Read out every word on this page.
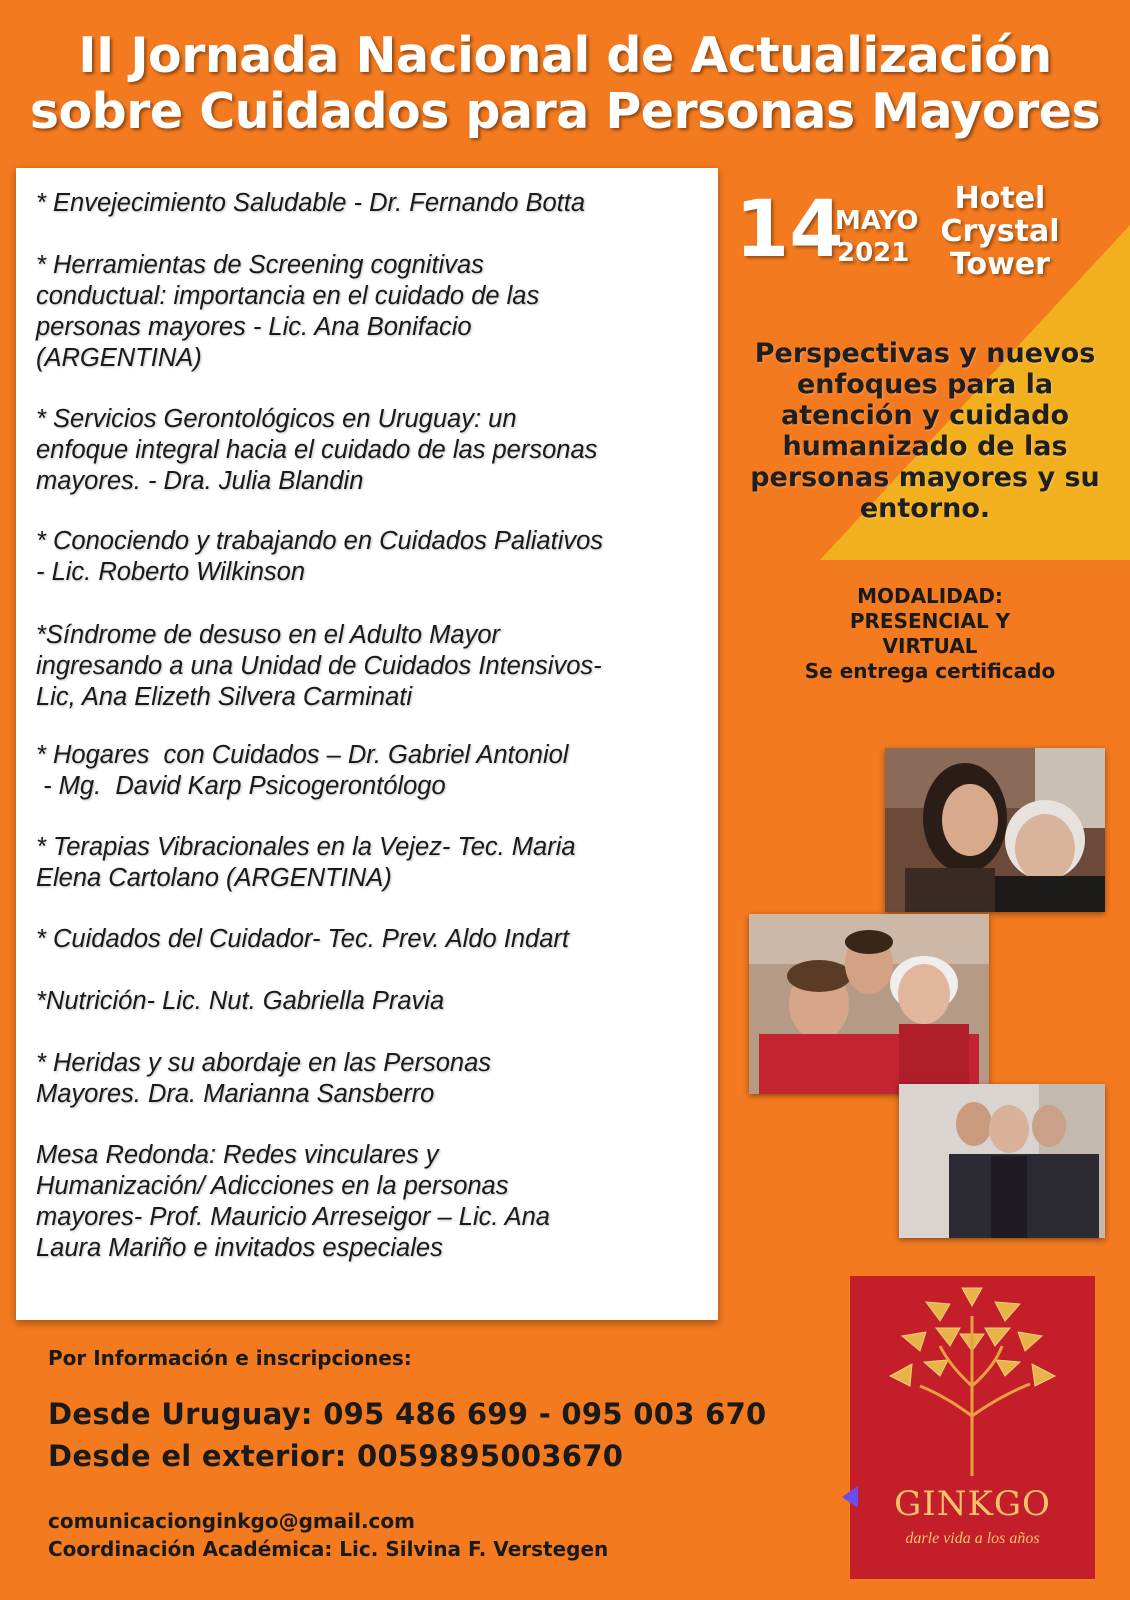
II Jornada Nacional de Actualización
sobre Cuidados para Personas Mayores
* Envejecimiento Saludable - Dr. Fernando Botta
* Herramientas de Screening cognitivas
conductual: importancia en el cuidado de las
personas mayores - Lic. Ana Bonifacio
(ARGENTINA)
* Servicios Gerontológicos en Uruguay: un
enfoque integral hacia el cuidado de las personas
mayores. - Dra. Julia Blandin
* Conociendo y trabajando en Cuidados Paliativos
- Lic. Roberto Wilkinson
*Síndrome de desuso en el Adulto Mayor
ingresando a una Unidad de Cuidados Intensivos-
Lic, Ana Elizeth Silvera Carminati
* Hogares  con Cuidados – Dr. Gabriel Antoniol
- Mg.  David Karp Psicogerontólogo
* Terapias Vibracionales en la Vejez- Tec. Maria
Elena Cartolano (ARGENTINA)
* Cuidados del Cuidador- Tec. Prev. Aldo Indart
*Nutrición- Lic. Nut. Gabriella Pravia
* Heridas y su abordaje en las Personas
Mayores. Dra. Marianna Sansberro
Mesa Redonda: Redes vinculares y
Humanización/ Adicciones en la personas
mayores- Prof. Mauricio Arreseigor – Lic. Ana
Laura Mariño e invitados especiales
14
MAYO
2021
Hotel
Crystal
Tower
Perspectivas y nuevos enfoques para la atención y cuidado humanizado de las personas mayores y su entorno.
MODALIDAD:
PRESENCIAL Y
VIRTUAL
Se entrega certificado
Por Información e inscripciones:
Desde Uruguay: 095 486 699 - 095 003 670
Desde el exterior: 0059895003670
comunicacionginkgo@gmail.com
Coordinación Académica: Lic. Silvina F. Verstegen
GINKGO
darle vida a los años
